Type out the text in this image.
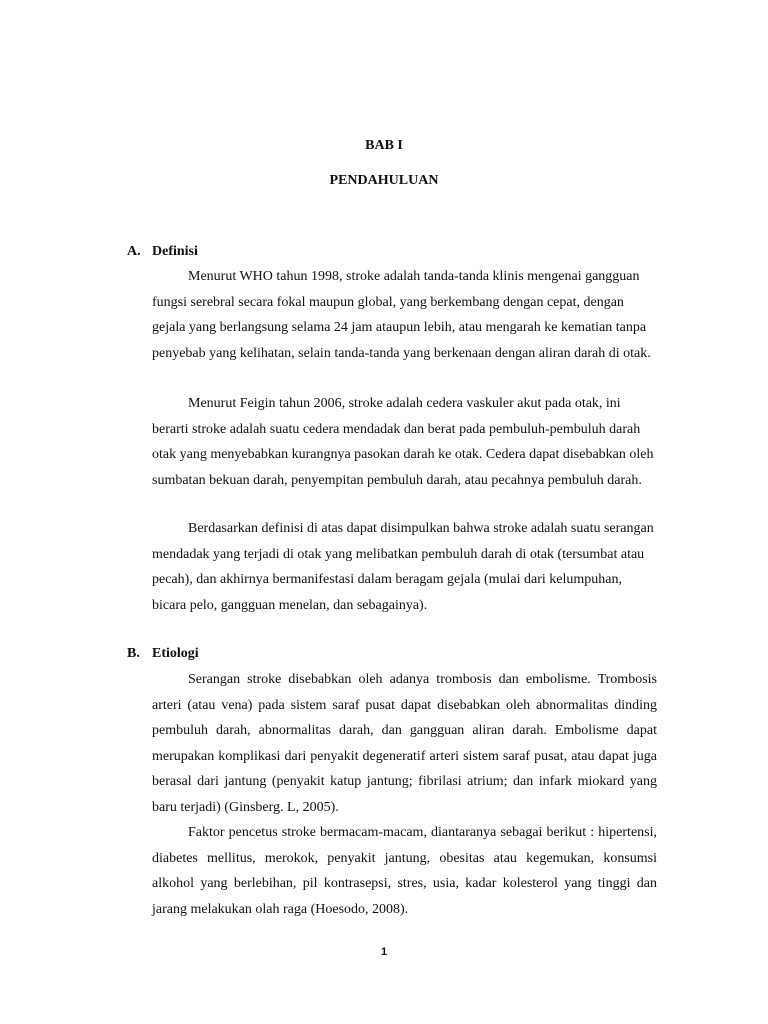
BAB I
PENDAHULUAN
A. Definisi

Menurut WHO tahun 1998, stroke adalah tanda-tanda klinis mengenai gangguan fungsi serebral secara fokal maupun global, yang berkembang dengan cepat, dengan gejala yang berlangsung selama 24 jam ataupun lebih, atau mengarah ke kematian tanpa penyebab yang kelihatan, selain tanda-tanda yang berkenaan dengan aliran darah di otak.

Menurut Feigin tahun 2006, stroke adalah cedera vaskuler akut pada otak, ini berarti stroke adalah suatu cedera mendadak dan berat pada pembuluh-pembuluh darah otak yang menyebabkan kurangnya pasokan darah ke otak. Cedera dapat disebabkan oleh sumbatan bekuan darah, penyempitan pembuluh darah, atau pecahnya pembuluh darah.

Berdasarkan definisi di atas dapat disimpulkan bahwa stroke adalah suatu serangan mendadak yang terjadi di otak yang melibatkan pembuluh darah di otak (tersumbat atau pecah), dan akhirnya bermanifestasi dalam beragam gejala (mulai dari kelumpuhan, bicara pelo, gangguan menelan, dan sebagainya).

B. Etiologi

Serangan stroke disebabkan oleh adanya trombosis dan embolisme. Trombosis arteri (atau vena) pada sistem saraf pusat dapat disebabkan oleh abnormalitas dinding pembuluh darah, abnormalitas darah, dan gangguan aliran darah. Embolisme dapat merupakan komplikasi dari penyakit degeneratif arteri sistem saraf pusat, atau dapat juga berasal dari jantung (penyakit katup jantung; fibrilasi atrium; dan infark miokard yang baru terjadi) (Ginsberg. L, 2005).

Faktor pencetus stroke bermacam-macam, diantaranya sebagai berikut : hipertensi, diabetes mellitus, merokok, penyakit jantung, obesitas atau kegemukan, konsumsi alkohol yang berlebihan, pil kontrasepsi, stres, usia, kadar kolesterol yang tinggi dan jarang melakukan olah raga (Hoesodo, 2008).

1
